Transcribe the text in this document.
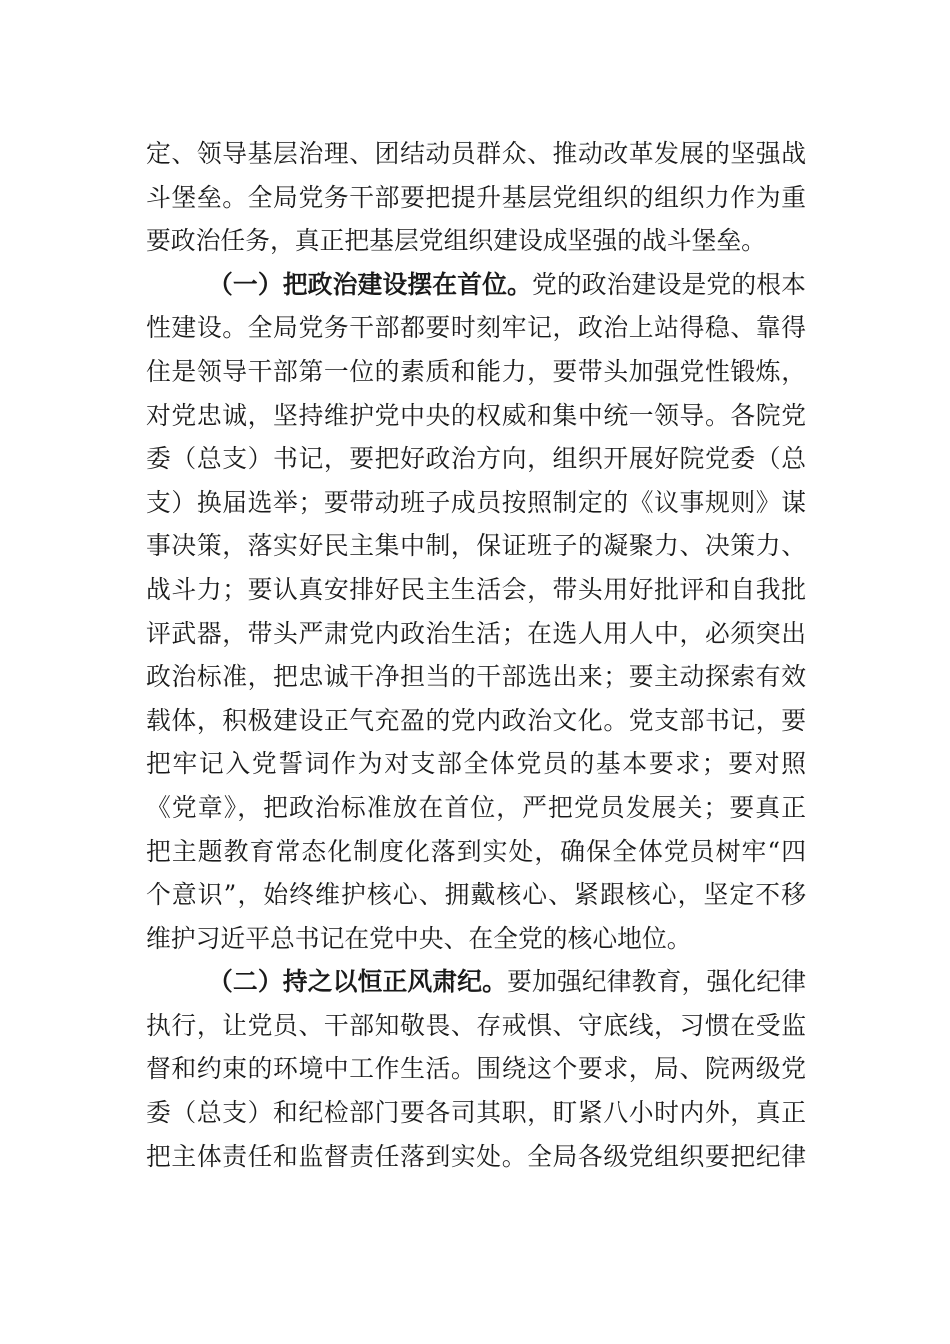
定、领导基层治理、团结动员群众、推动改革发展的坚强战
斗堡垒。全局党务干部要把提升基层党组织的组织力作为重
要政治任务，真正把基层党组织建设成坚强的战斗堡垒。
（一）把政治建设摆在首位。党的政治建设是党的根本
性建设。全局党务干部都要时刻牢记，政治上站得稳、靠得
住是领导干部第一位的素质和能力，要带头加强党性锻炼，
对党忠诚，坚持维护党中央的权威和集中统一领导。各院党
委（总支）书记，要把好政治方向，组织开展好院党委（总
支）换届选举；要带动班子成员按照制定的《议事规则》谋
事决策，落实好民主集中制，保证班子的凝聚力、决策力、
战斗力；要认真安排好民主生活会，带头用好批评和自我批
评武器，带头严肃党内政治生活；在选人用人中，必须突出
政治标准，把忠诚干净担当的干部选出来；要主动探索有效
载体，积极建设正气充盈的党内政治文化。党支部书记，要
把牢记入党誓词作为对支部全体党员的基本要求；要对照
《党章》，把政治标准放在首位，严把党员发展关；要真正
把主题教育常态化制度化落到实处，确保全体党员树牢“四
个意识”，始终维护核心、拥戴核心、紧跟核心，坚定不移
维护习近平总书记在党中央、在全党的核心地位。
（二）持之以恒正风肃纪。要加强纪律教育，强化纪律
执行，让党员、干部知敬畏、存戒惧、守底线，习惯在受监
督和约束的环境中工作生活。围绕这个要求，局、院两级党
委（总支）和纪检部门要各司其职，盯紧八小时内外，真正
把主体责任和监督责任落到实处。全局各级党组织要把纪律
